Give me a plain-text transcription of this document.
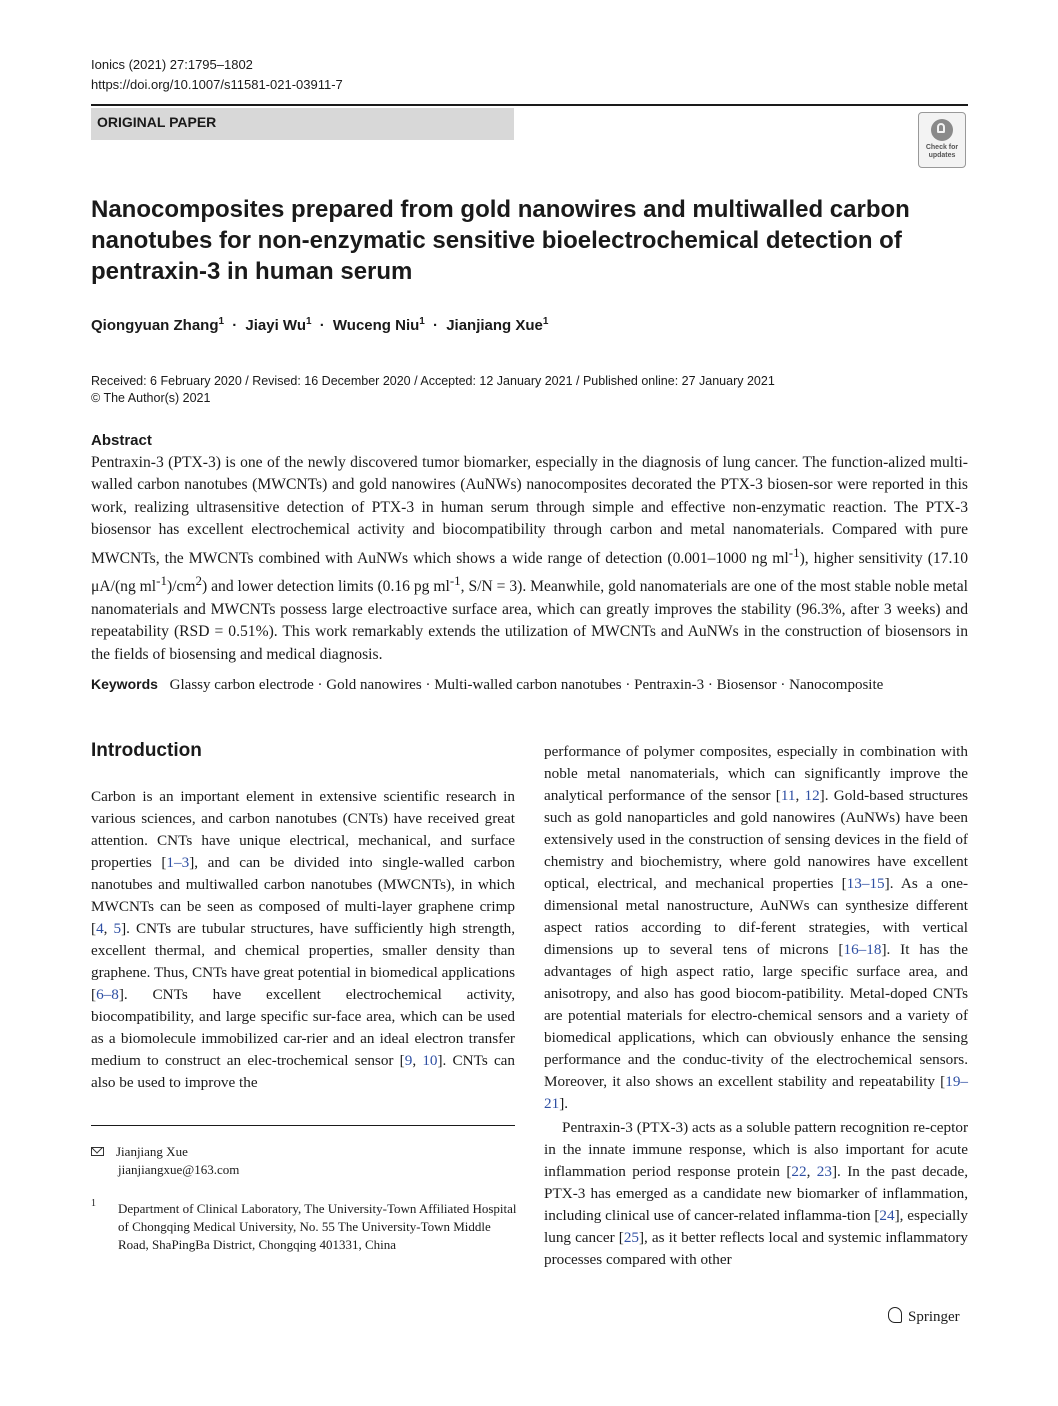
Ionics (2021) 27:1795–1802
https://doi.org/10.1007/s11581-021-03911-7
ORIGINAL PAPER
Check for updates
Nanocomposites prepared from gold nanowires and multiwalled carbon nanotubes for non-enzymatic sensitive bioelectrochemical detection of pentraxin-3 in human serum
Qiongyuan Zhang$^1$ · Jiayi $Wu^1$ · Wuceng Niu$^1$ · Jianjiang Xue$^1$
Received: 6 February 2020 / Revised: 16 December 2020 / Accepted: 12 January 2021 / Published online: 27 January 2021
© The Author(s) 2021
Abstract

Pentraxin-3 (PTX-3) is one of the newly discovered tumor biomarker, especially in the diagnosis of lung cancer. The function-alized multi-walled carbon nanotubes (MWCNTs) and gold nanowires (AuNWs) nanocomposites decorated the PTX-3 biosen-sor were reported in this work, realizing ultrasensitive detection of PTX-3 in human serum through simple and effective non-enzymatic reaction. The PTX-3 biosensor has excellent electrochemical activity and biocompatibility through carbon and metal nanomaterials. Compared with pure MWCNTs, the MWCNTs combined with AuNWs which shows a wide range of detection (0.001–1000 ng $ml^{-1}$), higher sensitivity (17.10 μA/(ng $ml^{-1})/cm^2$) and lower detection limits (0.16 pg $ml^{-1}$, S/N = 3). Meanwhile, gold nanomaterials are one of the most stable noble metal nanomaterials and MWCNTs possess large electroactive surface area, which can greatly improves the stability (96.3%, after 3 weeks) and repeatability (RSD = 0.51%). This work remarkably extends the utilization of MWCNTs and AuNWs in the construction of biosensors in the fields of biosensing and medical diagnosis.

Keywords Glassy carbon electrode · Gold nanowires · Multi-walled carbon nanotubes · Pentraxin-3 · Biosensor · Nanocomposite
Introduction

Carbon is an important element in extensive scientific research in various sciences, and carbon nanotubes (CNTs) have received great attention. CNTs have unique electrical, mechanical, and surface properties [1–3], and can be divided into single-walled carbon nanotubes and multiwalled carbon nanotubes (MWCNTs), in which MWCNTs can be seen as composed of multi-layer graphene crimp [4, 5]. CNTs are tubular structures, have sufficiently high strength, excellent thermal, and chemical properties, smaller density than graphene. Thus, CNTs have great potential in biomedical applications [6–8]. CNTs have excellent electrochemical activity, biocompatibility, and large specific sur-face area, which can be used as a biomolecule immobilized car-rier and an ideal electron transfer medium to construct an elec-trochemical sensor [9, 10]. CNTs can also be used to improve the

performance of polymer composites, especially in combination with noble metal nanomaterials, which can significantly improve the analytical performance of the sensor [11, 12]. Gold-based structures such as gold nanoparticles and gold nanowires (AuNWs) have been extensively used in the construction of sensing devices in the field of chemistry and biochemistry, where gold nanowires have excellent optical, electrical, and mechanical properties [13–15]. As a one-dimensional metal nanostructure, AuNWs can synthesize different aspect ratios according to dif-ferent strategies, with vertical dimensions up to several tens of microns [16–18]. It has the advantages of high aspect ratio, large specific surface area, and anisotropy, and also has good biocom-patibility. Metal-doped CNTs are potential materials for electro-chemical sensors and a variety of biomedical applications, which can obviously enhance the sensing performance and the conduc-tivity of the electrochemical sensors. Moreover, it also shows an excellent stability and repeatability [19–21].

Pentraxin-3 (PTX-3) acts as a soluble pattern recognition re-ceptor in the innate immune response, which is also important for acute inflammation period response protein [22, 23]. In the past decade, PTX-3 has emerged as a candidate new biomarker of inflammation, including clinical use of cancer-related inflamma-tion [24], especially lung cancer [25], as it better reflects local and systemic inflammatory processes compared with other

Jianjiang Xue
jianjiangxue@163.com
1 Department of Clinical Laboratory, The University-Town Affiliated Hospital of Chongqing Medical University, No. 55 The University-Town Middle Road, ShaPingBa District, Chongqing 401331, China
Springer
